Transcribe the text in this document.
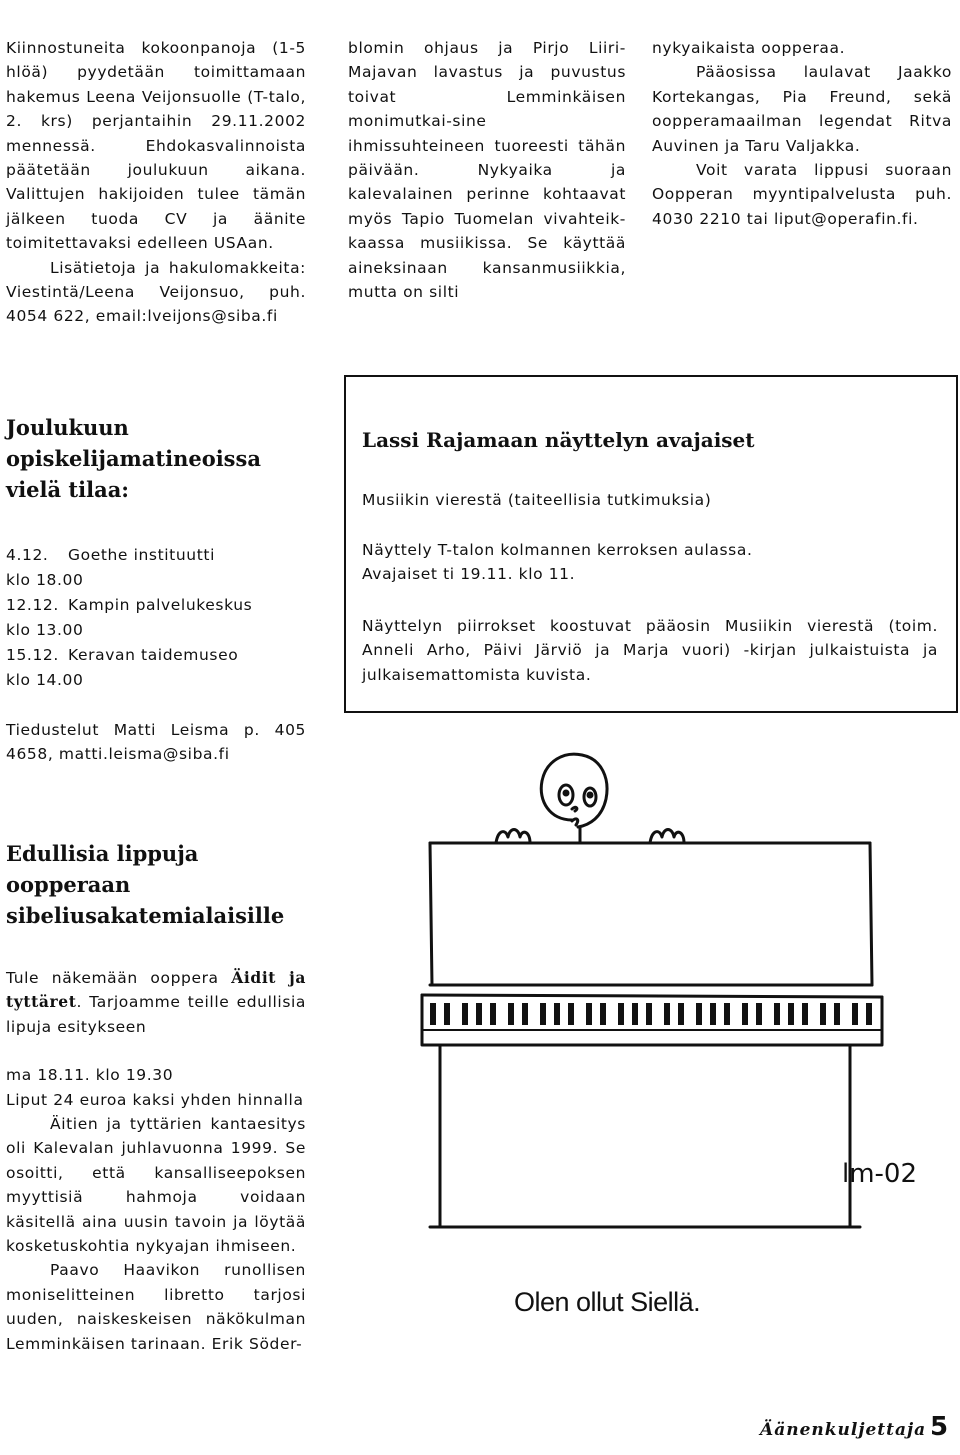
Kiinnostuneita kokoonpanoja (1-5 hlöä) pyydetään toimittamaan hakemus Leena Veijonsuolle (T-talo, 2. krs) perjantaihin 29.11.2002 mennessä. Ehdokasvalinnoista päätetään joulukuun aikana. Valittujen hakijoiden tulee tämän jälkeen tuoda CV ja äänite toimitettavaksi edelleen USAan.

Lisätietoja ja hakulomakkeita: Viestintä/Leena Veijonsuo, puh. 4054 622, email:lveijons@siba.fi

blomin ohjaus ja Pirjo Liiri-Majavan lavastus ja puvustus toivat Lemminkäisen monimutkai-sine ihmissuhteineen tuoreesti tähän päivään. Nykyaika ja kalevalainen perinne kohtaavat myös Tapio Tuomelan vivahteik-kaassa musiikissa. Se käyttää aineksinaan kansanmusiikkia, mutta on silti

nykyaikaista oopperaa.

Pääosissa laulavat Jaakko Kortekangas, Pia Freund, sekä oopperamaailman legendat Ritva Auvinen ja Taru Valjakka.

Voit varata lippusi suoraan Oopperan myyntipalvelusta puh. 4030 2210 tai liput@operafin.fi.

Joulukuun
opiskelijamatineoissa
vielä tilaa:
4.12. Goethe instituutti
klo 18.00
12.12. Kampin palvelukeskus
klo 13.00
15.12. Keravan taidemuseo
klo 14.00
Tiedustelut Matti Leisma p. 405 4658, matti.leisma@siba.fi
Lassi Rajamaan näyttelyn avajaiset
Musiikin vierestä (taiteellisia tutkimuksia)
Näyttely T-talon kolmannen kerroksen aulassa.
Avajaiset ti 19.11. klo 11.
Näyttelyn piirrokset koostuvat pääosin Musiikin vierestä (toim. Anneli Arho, Päivi Järviö ja Marja vuori) -kirjan julkaistuista ja julkaisemattomista kuvista.
Edullisia lippuja
oopperaan
sibeliusakatemialaisille

Tule näkemään ooppera Äidit ja tyttäret. Tarjoamme teille edullisia lipuja esitykseen

ma 18.11. klo 19.30

Liput 24 euroa kaksi yhden hinnalla

Äitien ja tyttärien kantaesitys oli Kalevalan juhlavuonna 1999. Se osoitti, että kansalliseepoksen myyttisiä hahmoja voidaan käsitellä aina uusin tavoin ja löytää kosketuskohtia nykyajan ihmiseen.

Paavo Haavikon runollisen moniselitteinen libretto tarjosi uuden, naiskeskeisen näkökulman Lemminkäisen tarinaan. Erik Söder-

lm-02
Olen ollut Siellä.
Äänenkuljettaja 5
